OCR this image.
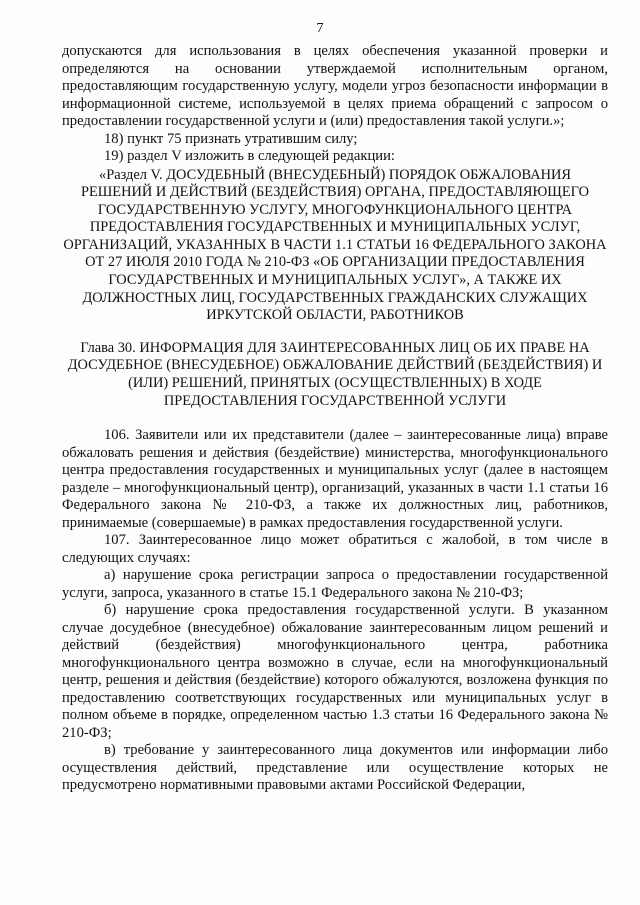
7

допускаются для использования в целях обеспечения указанной проверки и определяются на основании утверждаемой исполнительным органом, предоставляющим государственную услугу, модели угроз безопасности информации в информационной системе, используемой в целях приема обращений с запросом о предоставлении государственной услуги и (или) предоставления такой услуги.»;

18) пункт 75 признать утратившим силу;

19) раздел V изложить в следующей редакции:

«Раздел V. ДОСУДЕБНЫЙ (ВНЕСУДЕБНЫЙ) ПОРЯДОК ОБЖАЛОВАНИЯ РЕШЕНИЙ И ДЕЙСТВИЙ (БЕЗДЕЙСТВИЯ) ОРГАНА, ПРЕДОСТАВЛЯЮЩЕГО ГОСУДАРСТВЕННУЮ УСЛУГУ, МНОГОФУНКЦИОНАЛЬНОГО ЦЕНТРА ПРЕДОСТАВЛЕНИЯ ГОСУДАРСТВЕННЫХ И МУНИЦИПАЛЬНЫХ УСЛУГ, ОРГАНИЗАЦИЙ, УКАЗАННЫХ В ЧАСТИ 1.1 СТАТЬИ 16 ФЕДЕРАЛЬНОГО ЗАКОНА ОТ 27 ИЮЛЯ 2010 ГОДА № 210-ФЗ «ОБ ОРГАНИЗАЦИИ ПРЕДОСТАВЛЕНИЯ ГОСУДАРСТВЕННЫХ И МУНИЦИПАЛЬНЫХ УСЛУГ», А ТАКЖЕ ИХ ДОЛЖНОСТНЫХ ЛИЦ, ГОСУДАРСТВЕННЫХ ГРАЖДАНСКИХ СЛУЖАЩИХ ИРКУТСКОЙ ОБЛАСТИ, РАБОТНИКОВ

Глава 30. ИНФОРМАЦИЯ ДЛЯ ЗАИНТЕРЕСОВАННЫХ ЛИЦ ОБ ИХ ПРАВЕ НА ДОСУДЕБНОЕ (ВНЕСУДЕБНОЕ) ОБЖАЛОВАНИЕ ДЕЙСТВИЙ (БЕЗДЕЙСТВИЯ) И (ИЛИ) РЕШЕНИЙ, ПРИНЯТЫХ (ОСУЩЕСТВЛЕННЫХ) В ХОДЕ ПРЕДОСТАВЛЕНИЯ ГОСУДАРСТВЕННОЙ УСЛУГИ

106. Заявители или их представители (далее – заинтересованные лица) вправе обжаловать решения и действия (бездействие) министерства, многофункционального центра предоставления государственных и муниципальных услуг (далее в настоящем разделе – многофункциональный центр), организаций, указанных в части 1.1 статьи 16 Федерального закона № 210-ФЗ, а также их должностных лиц, работников, принимаемые (совершаемые) в рамках предоставления государственной услуги.

107. Заинтересованное лицо может обратиться с жалобой, в том числе в следующих случаях:

а) нарушение срока регистрации запроса о предоставлении государственной услуги, запроса, указанного в статье 15.1 Федерального закона № 210-ФЗ;

б) нарушение срока предоставления государственной услуги. В указанном случае досудебное (внесудебное) обжалование заинтересованным лицом решений и действий (бездействия) многофункционального центра, работника многофункционального центра возможно в случае, если на многофункциональный центр, решения и действия (бездействие) которого обжалуются, возложена функция по предоставлению соответствующих государственных или муниципальных услуг в полном объеме в порядке, определенном частью 1.3 статьи 16 Федерального закона № 210-ФЗ;

в) требование у заинтересованного лица документов или информации либо осуществления действий, представление или осуществление которых не предусмотрено нормативными правовыми актами Российской Федерации,
